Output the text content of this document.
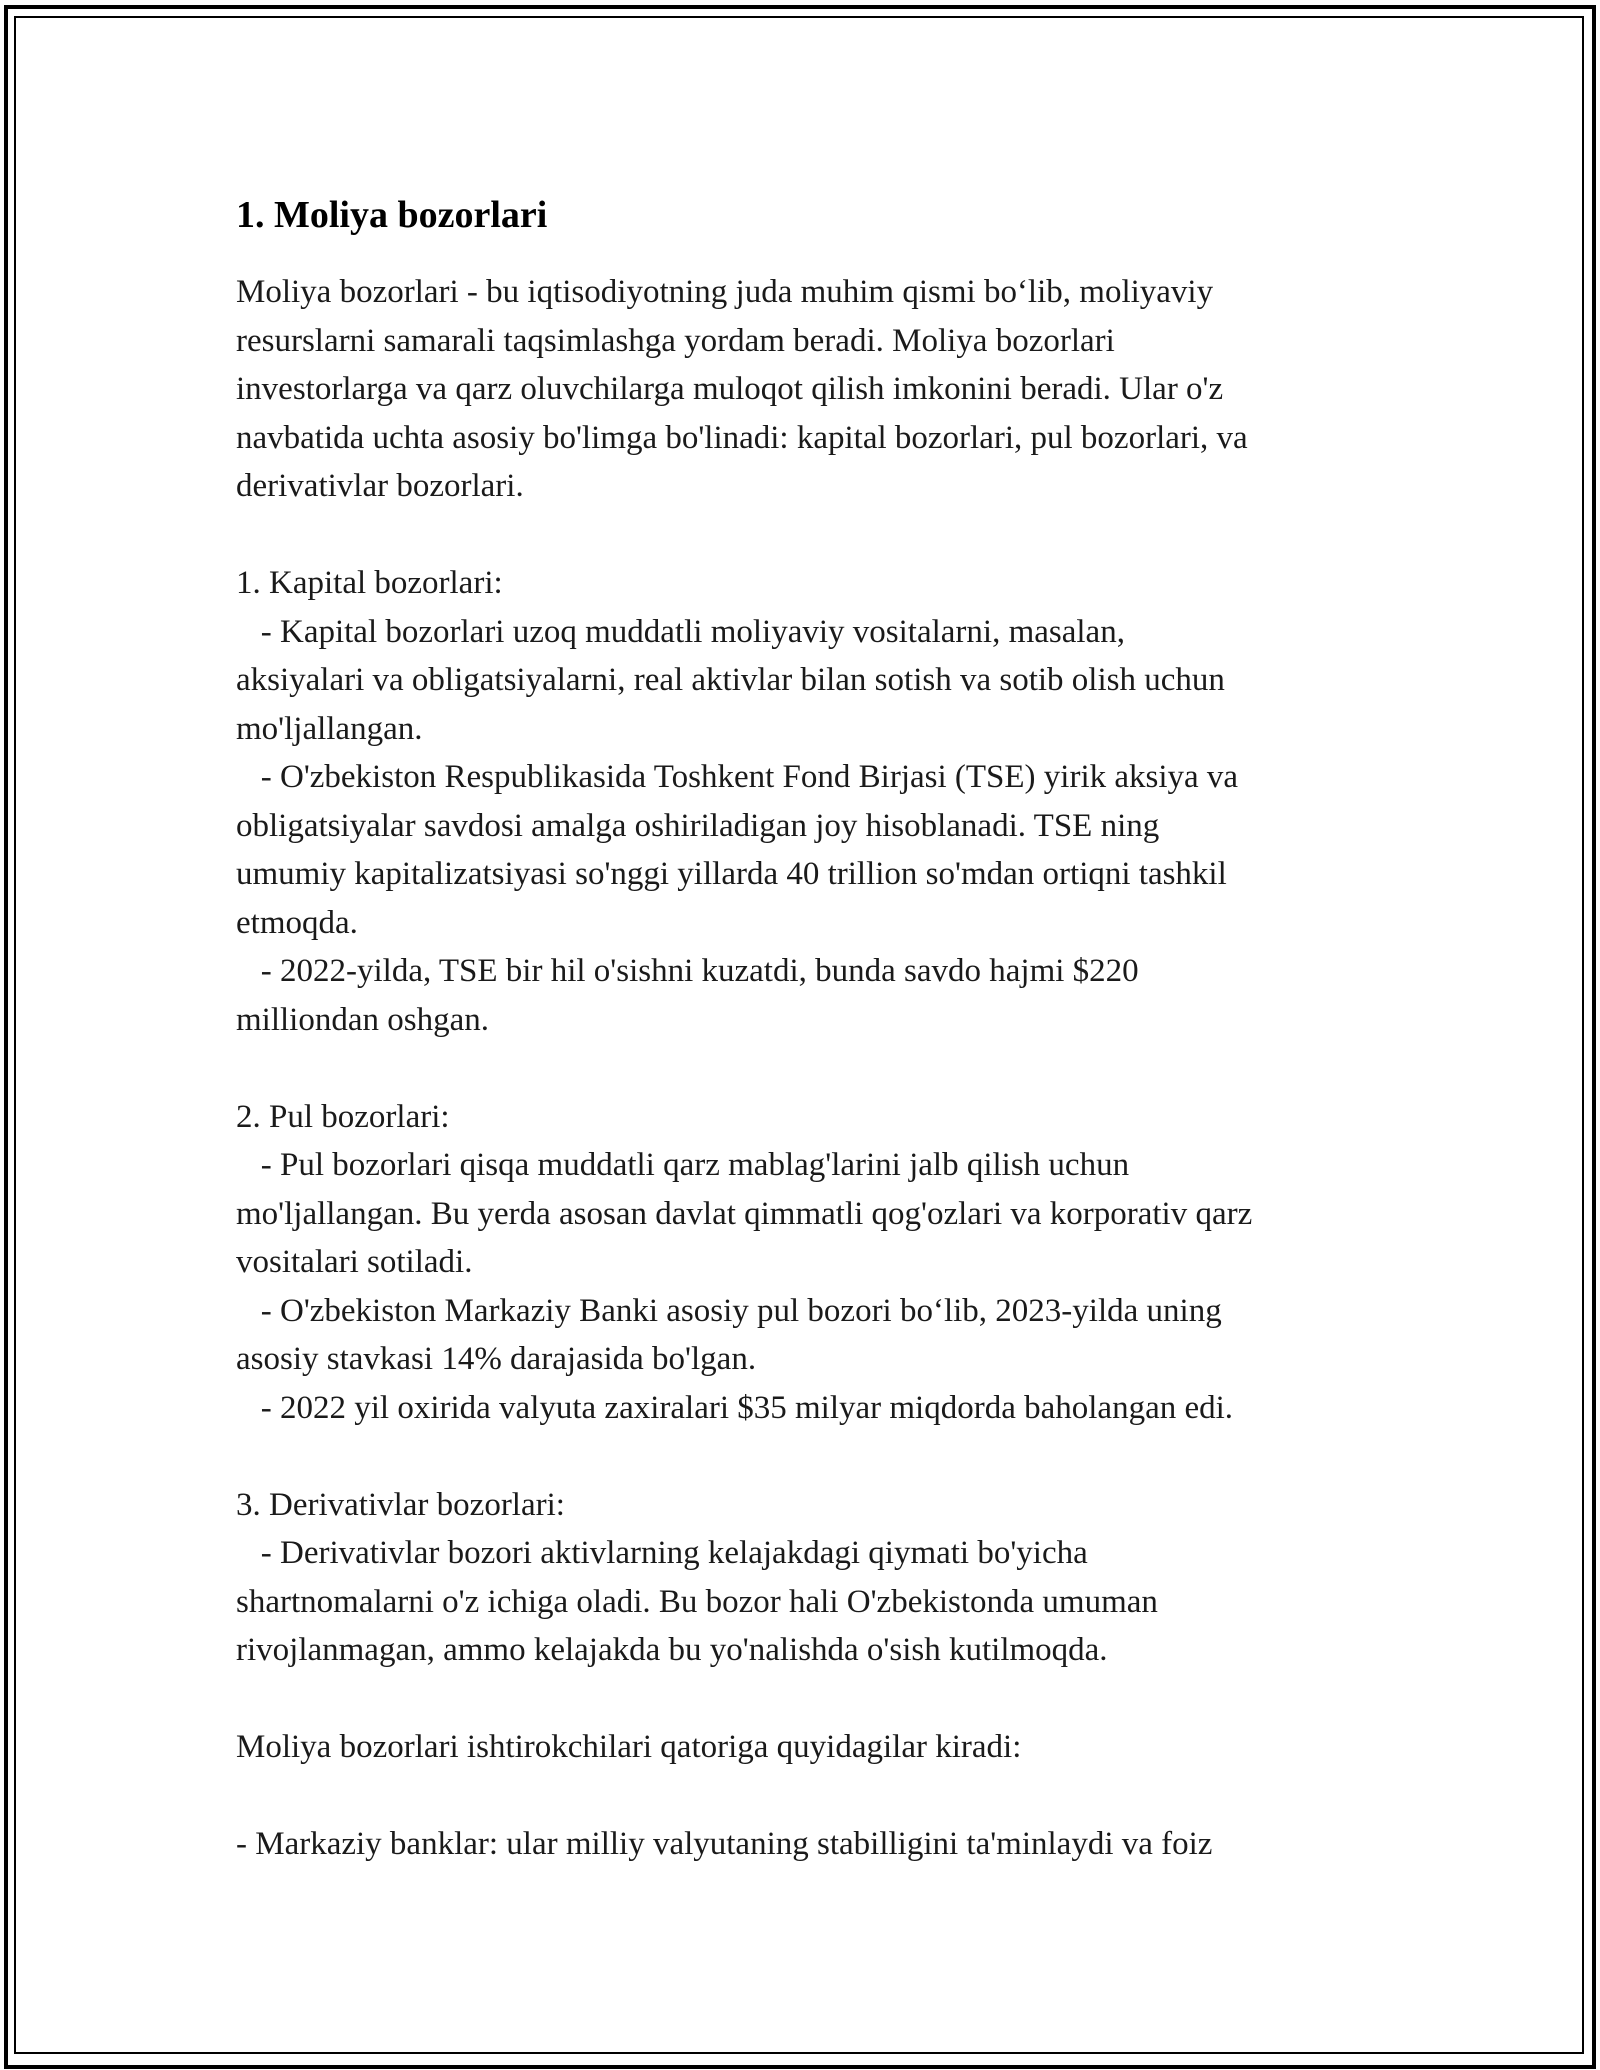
1. Moliya bozorlari

Moliya bozorlari - bu iqtisodiyotning juda muhim qismi bo‘lib, moliyaviy
resurslarni samarali taqsimlashga yordam beradi. Moliya bozorlari
investorlarga va qarz oluvchilarga muloqot qilish imkonini beradi. Ular o'z
navbatida uchta asosiy bo'limga bo'linadi: kapital bozorlari, pul bozorlari, va
derivativlar bozorlari.

1. Kapital bozorlari:

- Kapital bozorlari uzoq muddatli moliyaviy vositalarni, masalan,
aksiyalari va obligatsiyalarni, real aktivlar bilan sotish va sotib olish uchun
mo'ljallangan.
- O'zbekiston Respublikasida Toshkent Fond Birjasi (TSE) yirik aksiya va
obligatsiyalar savdosi amalga oshiriladigan joy hisoblanadi. TSE ning
umumiy kapitalizatsiyasi so'nggi yillarda 40 trillion so'mdan ortiqni tashkil
etmoqda.
- 2022-yilda, TSE bir hil o'sishni kuzatdi, bunda savdo hajmi $220
milliondan oshgan.

2. Pul bozorlari:

- Pul bozorlari qisqa muddatli qarz mablag'larini jalb qilish uchun
mo'ljallangan. Bu yerda asosan davlat qimmatli qog'ozlari va korporativ qarz
vositalari sotiladi.
- O'zbekiston Markaziy Banki asosiy pul bozori bo‘lib, 2023-yilda uning
asosiy stavkasi 14% darajasida bo'lgan.
- 2022 yil oxirida valyuta zaxiralari $35 milyar miqdorda baholangan edi.

3. Derivativlar bozorlari:

- Derivativlar bozori aktivlarning kelajakdagi qiymati bo'yicha
shartnomalarni o'z ichiga oladi. Bu bozor hali O'zbekistonda umuman
rivojlanmagan, ammo kelajakda bu yo'nalishda o'sish kutilmoqda.

Moliya bozorlari ishtirokchilari qatoriga quyidagilar kiradi:

- Markaziy banklar: ular milliy valyutaning stabilligini ta'minlaydi va foiz
